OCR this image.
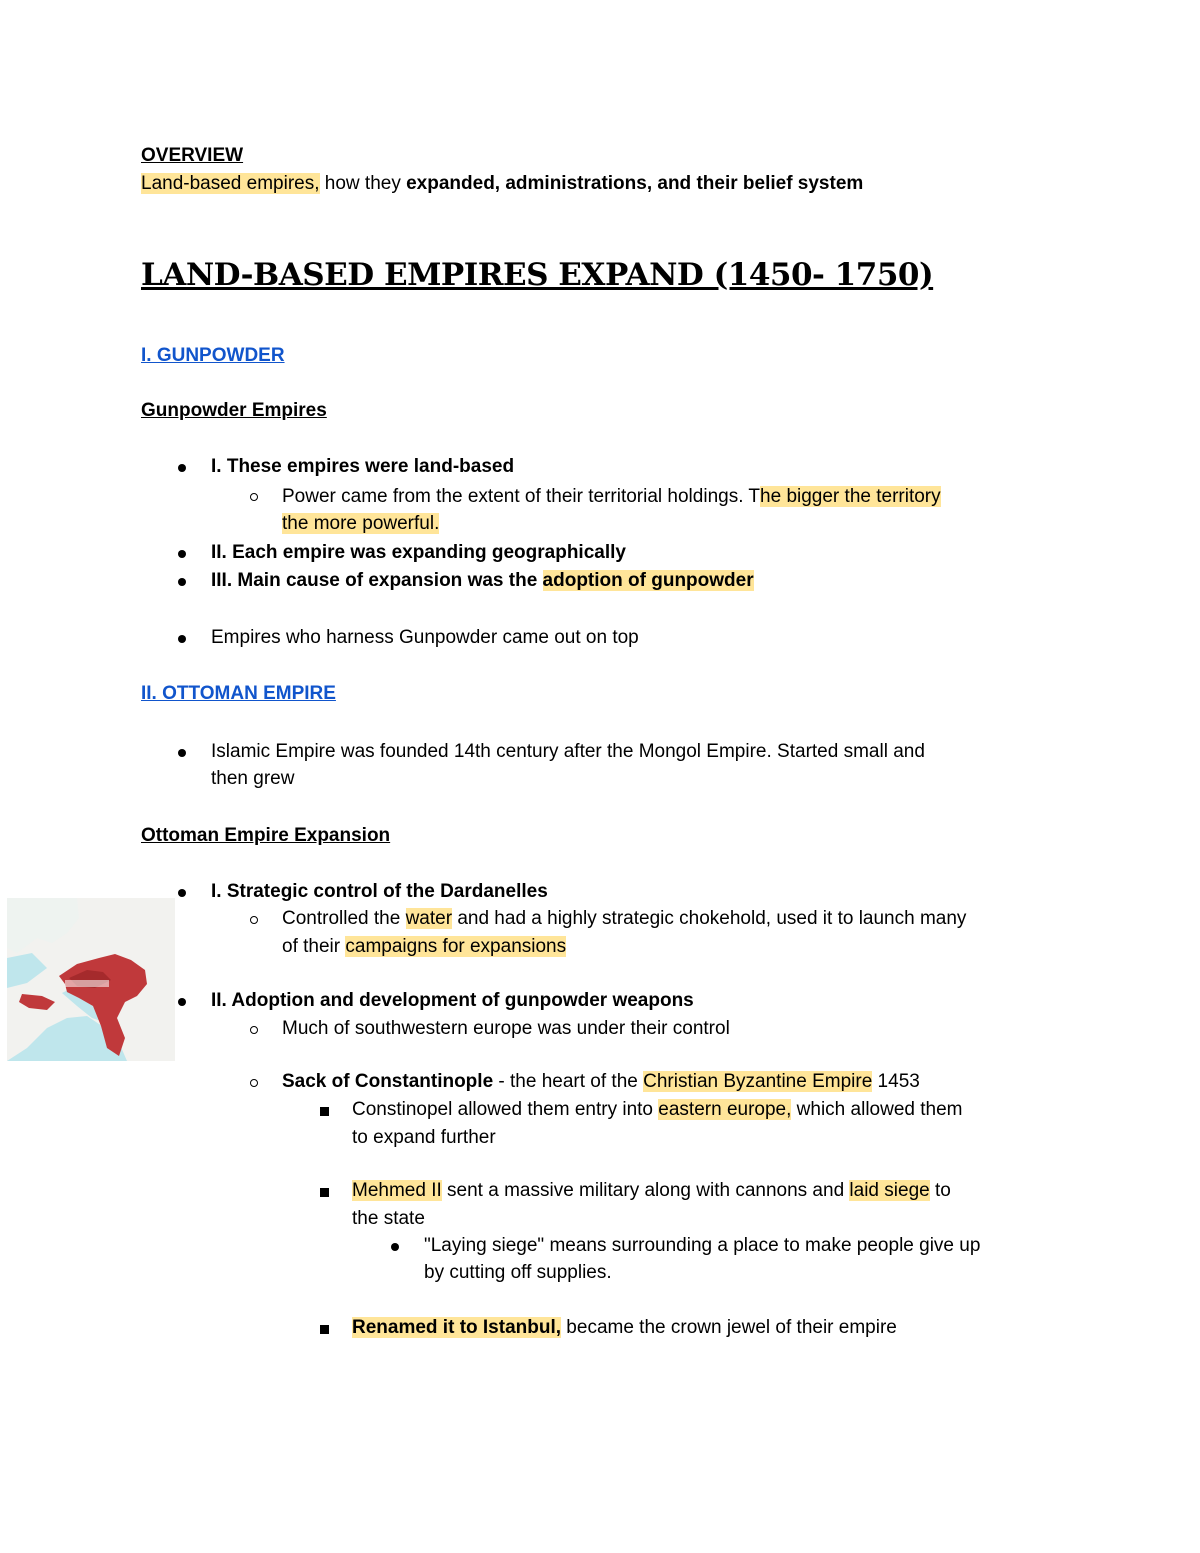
OVERVIEW
Land-based empires, how they expanded, administrations, and their belief system
LAND-BASED EMPIRES EXPAND (1450- 1750)
I. GUNPOWDER
Gunpowder Empires
I. These empires were land-based
Power came from the extent of their territorial holdings. The bigger the territory
the more powerful.
II. Each empire was expanding geographically
III. Main cause of expansion was the adoption of gunpowder
Empires who harness Gunpowder came out on top
II. OTTOMAN EMPIRE
Islamic Empire was founded 14th century after the Mongol Empire. Started small and
then grew
Ottoman Empire Expansion
I. Strategic control of the Dardanelles
Controlled the water and had a highly strategic chokehold, used it to launch many
of their campaigns for expansions
II. Adoption and development of gunpowder weapons
Much of southwestern europe was under their control
Sack of Constantinople - the heart of the Christian Byzantine Empire 1453
Constinopel allowed them entry into eastern europe, which allowed them
to expand further
Mehmed II sent a massive military along with cannons and laid siege to
the state
"Laying siege" means surrounding a place to make people give up
by cutting off supplies.
Renamed it to Istanbul, became the crown jewel of their empire
